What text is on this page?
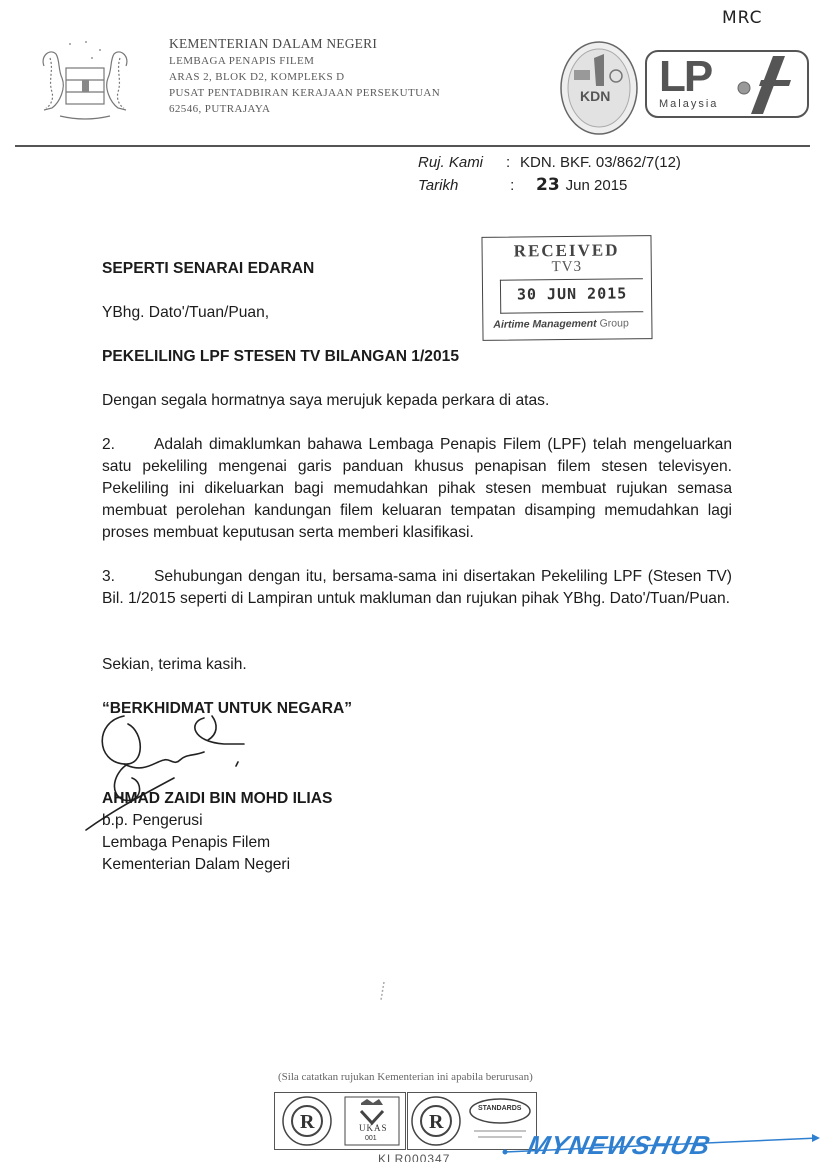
KEMENTERIAN DALAM NEGERI
LEMBAGA PENAPIS FILEM
ARAS 2, BLOK D2, KOMPLEKS D
PUSAT PENTADBIRAN KERAJAAN PERSEKUTUAN
62546, PUTRAJAYA
MRC
KDN LP
Malaysia
Ruj. Kami : KDN. BKF. 03/862/7(12)
Tarikh	: 23 Jun 2015
RECEIVED
TV3
30 JUN 2015
Airtime Management Group
SEPERTI SENARAI EDARAN
YBhg. Dato'/Tuan/Puan,
PEKELILING LPF STESEN TV BILANGAN 1/2015
Dengan segala hormatnya saya merujuk kepada perkara di atas.
2. Adalah dimaklumkan bahawa Lembaga Penapis Filem (LPF) telah mengeluarkan satu pekeliling mengenai garis panduan khusus penapisan filem stesen televisyen. Pekeliling ini dikeluarkan bagi memudahkan pihak stesen membuat rujukan semasa membuat perolehan kandungan filem keluaran tempatan disamping memudahkan lagi proses membuat keputusan serta memberi klasifikasi.
3. Sehubungan dengan itu, bersama-sama ini disertakan Pekeliling LPF (Stesen TV) Bil. 1/2015 seperti di Lampiran untuk makluman dan rujukan pihak YBhg. Dato'/Tuan/Puan.
Sekian, terima kasih.
“BERKHIDMAT UNTUK NEGARA”
AHMAD ZAIDI BIN MOHD ILIAS
b.p. Pengerusi
Lembaga Penapis Filem
Kementerian Dalam Negeri
(Sila catatkan rujukan Kementerian ini apabila berurusan)
R	UKAS
001
R
STANDARDS
KLR000347	MYNEWSHUB
